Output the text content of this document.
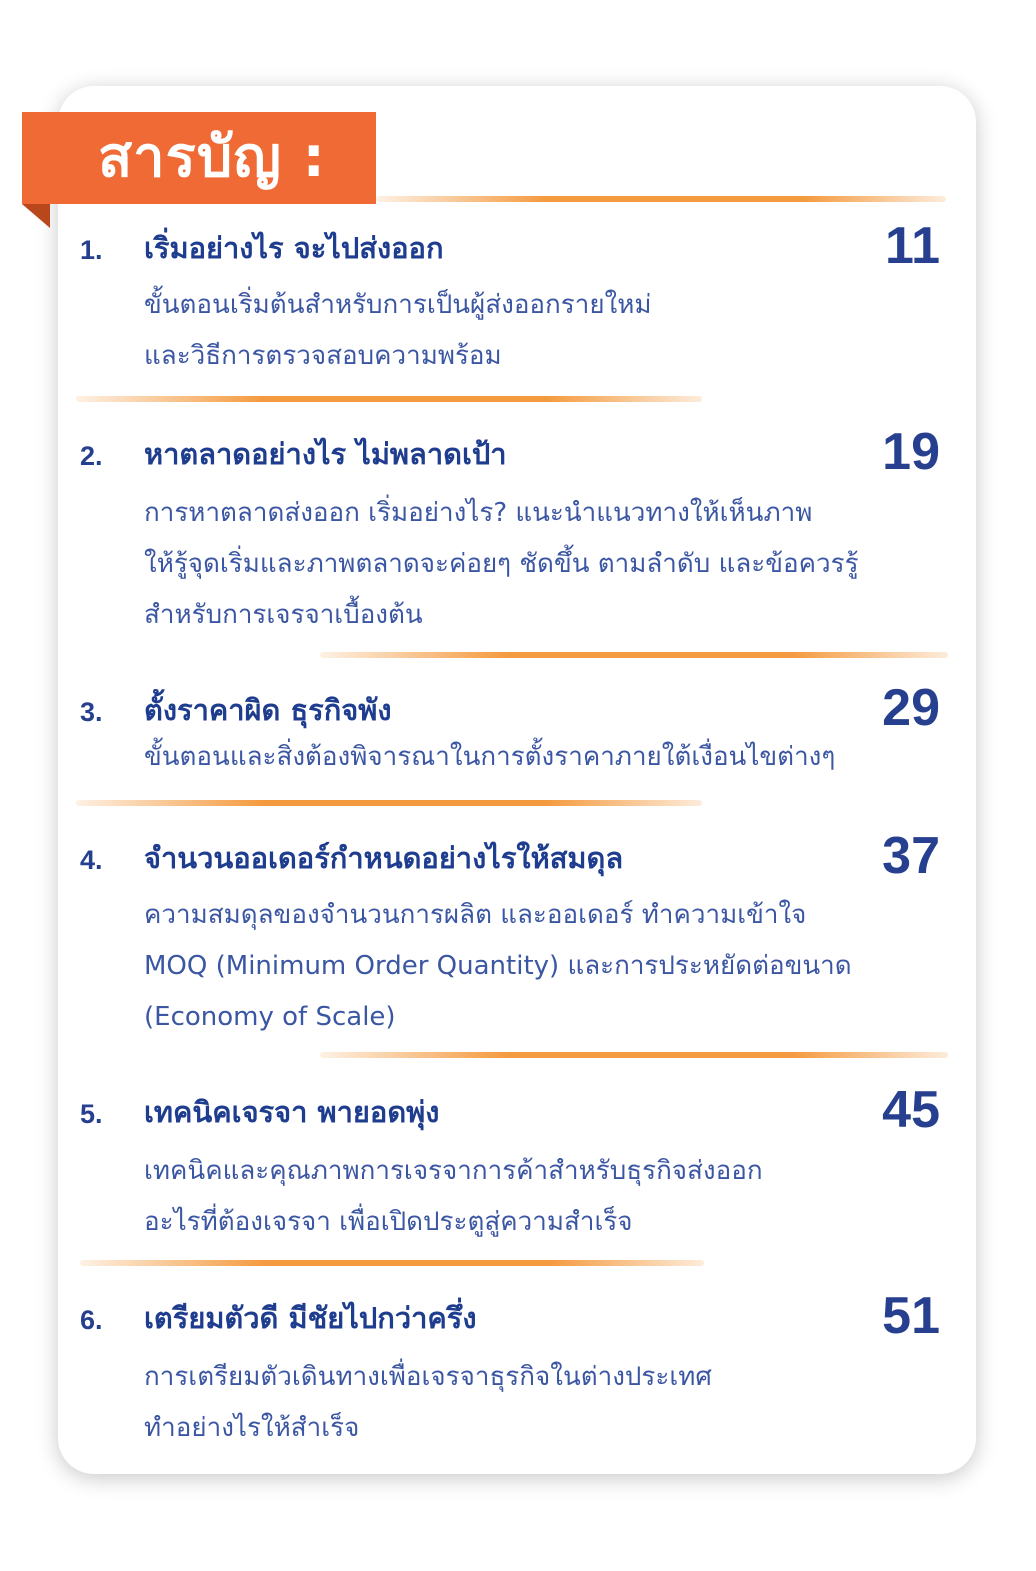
สารบัญ :
1. เริ่มอย่างไร จะไปส่งออก	11
ขั้นตอนเริ่มต้นสำหรับการเป็นผู้ส่งออกรายใหม่
และวิธีการตรวจสอบความพร้อม
2. หาตลาดอย่างไร ไม่พลาดเป้า	19
การหาตลาดส่งออก เริ่มอย่างไร? แนะนำแนวทางให้เห็นภาพ
ให้รู้จุดเริ่มและภาพตลาดจะค่อยๆ ชัดขึ้น ตามลำดับ และข้อควรรู้
สำหรับการเจรจาเบื้องต้น
3. ตั้งราคาผิด ธุรกิจพัง	29
ขั้นตอนและสิ่งต้องพิจารณาในการตั้งราคาภายใต้เงื่อนไขต่างๆ
4. จำนวนออเดอร์กำหนดอย่างไรให้สมดุล	37
ความสมดุลของจำนวนการผลิต และออเดอร์ ทำความเข้าใจ
MOQ (Minimum Order Quantity) และการประหยัดต่อขนาด
(Economy of Scale)
5. เทคนิคเจรจา พายอดพุ่ง	45
เทคนิคและคุณภาพการเจรจาการค้าสำหรับธุรกิจส่งออก
อะไรที่ต้องเจรจา เพื่อเปิดประตูสู่ความสำเร็จ
6. เตรียมตัวดี มีชัยไปกว่าครึ่ง	51
การเตรียมตัวเดินทางเพื่อเจรจาธุรกิจในต่างประเทศ
ทำอย่างไรให้สำเร็จ
